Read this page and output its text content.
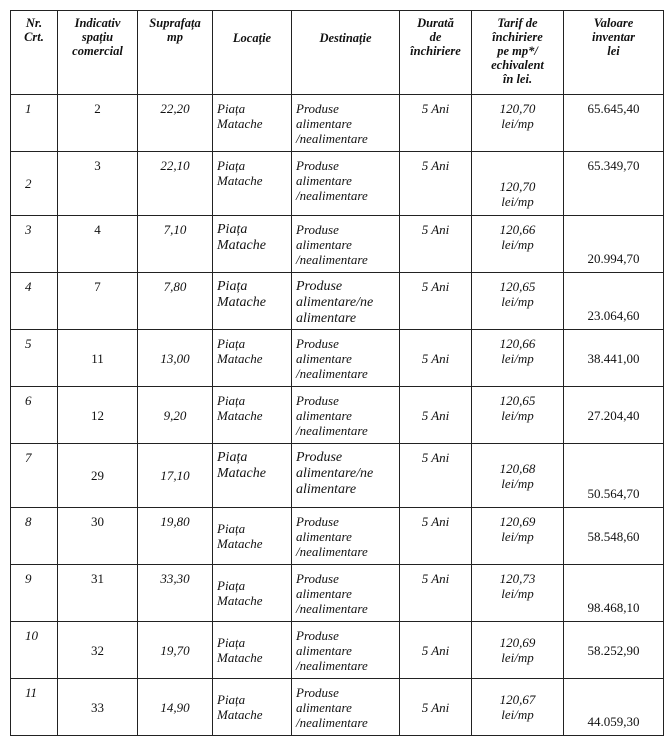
Nr.
Crt.	Indicativ
spațiu
comercial	Suprafața
mp	Locație	Destinație	Durată
de
închiriere	Tarif de
închiriere
pe mp*/
echivalent
în lei.	Valoare
inventar
lei
1	2	22,20	Piața
Matache	Produse
alimentare
/nealimentare	5 Ani	120,70
lei/mp	65.645,40
2	3	22,10	Piața
Matache	Produse
alimentare
/nealimentare	5 Ani	120,70
lei/mp	65.349,70
3	4	7,10	Piața
Matache	Produse
alimentare
/nealimentare	5 Ani	120,66
lei/mp	20.994,70
4	7	7,80	Piața
Matache	Produse
alimentare/ne
alimentare	5 Ani	120,65
lei/mp	23.064,60
5	11	13,00	Piața
Matache	Produse
alimentare
/nealimentare	5 Ani	120,66
lei/mp	38.441,00
6	12	9,20	Piața
Matache	Produse
alimentare
/nealimentare	5 Ani	120,65
lei/mp	27.204,40
7	29	17,10	Piața
Matache	Produse
alimentare/ne
alimentare	5 Ani	120,68
lei/mp	50.564,70
8	30	19,80	Piața
Matache	Produse
alimentare
/nealimentare	5 Ani	120,69
lei/mp	58.548,60
9	31	33,30	Piața
Matache	Produse
alimentare
/nealimentare	5 Ani	120,73
lei/mp	98.468,10
10	32	19,70	Piața
Matache	Produse
alimentare
/nealimentare	5 Ani	120,69
lei/mp	58.252,90
11	33	14,90	Piața
Matache	Produse
alimentare
/nealimentare	5 Ani	120,67
lei/mp	44.059,30
